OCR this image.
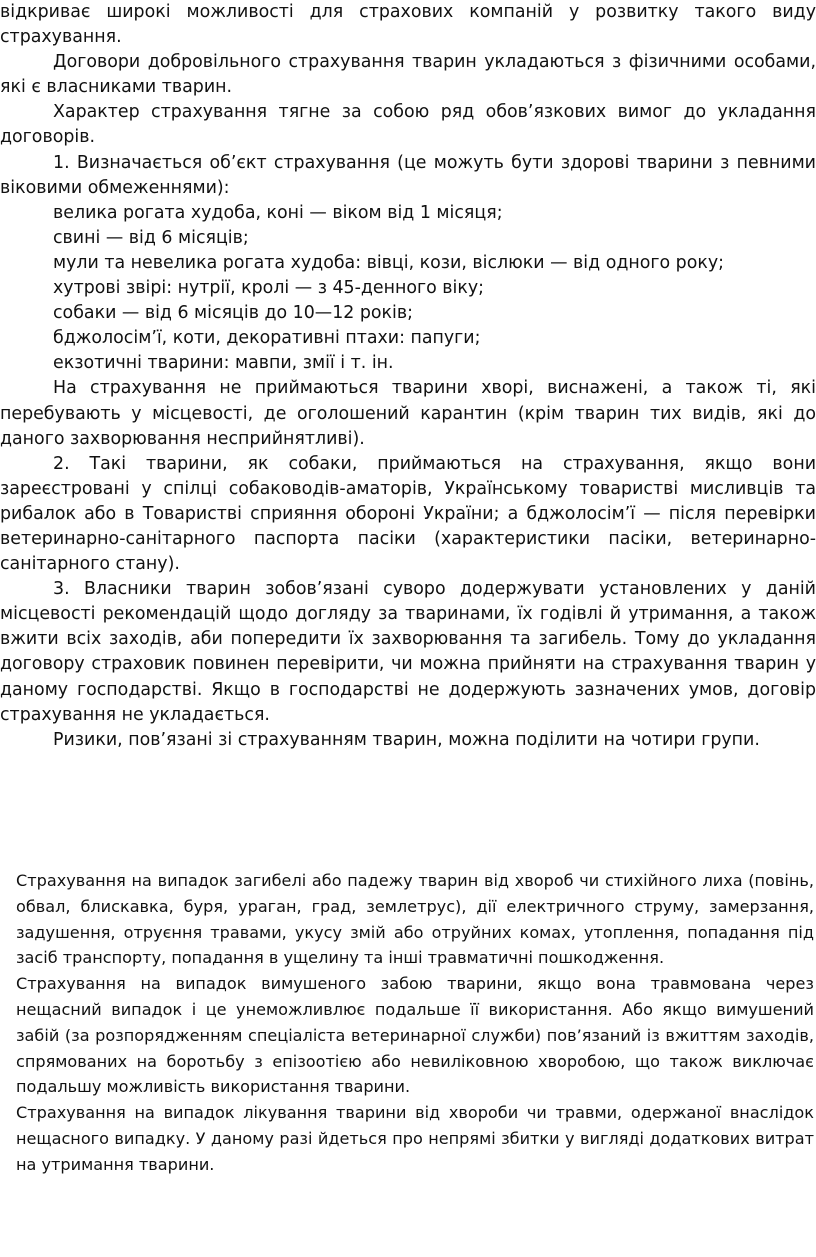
відкриває широкі можливості для страхових компаній у розвитку такого виду страхування.

Договори добровільного страхування тварин укладаються з фізичними особами, які є власниками тварин.

Характер страхування тягне за собою ряд обов’язкових вимог до укладання договорів.

1. Визначається об’єкт страхування (це можуть бути здорові тварини з певними віковими обмеженнями):

велика рогата худоба, коні — віком від 1 місяця;

свині — від 6 місяців;

мули та невелика рогата худоба: вівці, кози, віслюки — від одного року;

хутрові звірі: нутрії, кролі — з 45-денного віку;

собаки — від 6 місяців до 10—12 років;

бджолосім’ї, коти, декоративні птахи: папуги;

екзотичні тварини: мавпи, змії і т. ін.

На страхування не приймаються тварини хворі, виснажені, а також ті, які перебувають у місцевості, де оголошений карантин (крім тварин тих видів, які до даного захворювання несприйнятливі).

2. Такі тварини, як собаки, приймаються на страхування, якщо вони зареєстровані у спілці собаководів-аматорів, Українському товаристві мисливців та рибалок або в Товаристві сприяння обороні України; а бджолосім’ї — після перевірки ветеринарно-санітарного паспорта пасіки (характеристики пасіки, ветеринарно-санітарного стану).

3. Власники тварин зобов’язані суворо додержувати установлених у даній місцевості рекомендацій щодо догляду за тваринами, їх годівлі й утримання, а також вжити всіх заходів, аби попередити їх захворювання та загибель. Тому до укладання договору страховик повинен перевірити, чи можна прийняти на страхування тварин у даному господарстві. Якщо в господарстві не додержують зазначених умов, договір страхування не укладається.

Ризики, пов’язані зі страхуванням тварин, можна поділити на чотири групи.

Страхування на випадок загибелі або падежу тварин від хвороб чи стихійного лиха (повінь, обвал, блискавка, буря, ураган, град, землетрус), дії електричного струму, замерзання, задушення, отруєння травами, укусу змій або отруйних комах, утоплення, попадання під засіб транспорту, попадання в ущелину та інші травматичні пошкодження.

Страхування на випадок вимушеного забою тварини, якщо вона травмована через нещасний випадок і це унеможливлює подальше її використання. Або якщо вимушений забій (за розпорядженням спеціаліста ветеринарної служби) пов’язаний із вжиттям заходів, спрямованих на боротьбу з епізоотією або невиліковною хворобою, що також виключає подальшу можливість використання тварини.

Страхування на випадок лікування тварини від хвороби чи травми, одержаної внаслідок нещасного випадку. У даному разі йдеться про непрямі збитки у вигляді додаткових витрат на утримання тварини.
